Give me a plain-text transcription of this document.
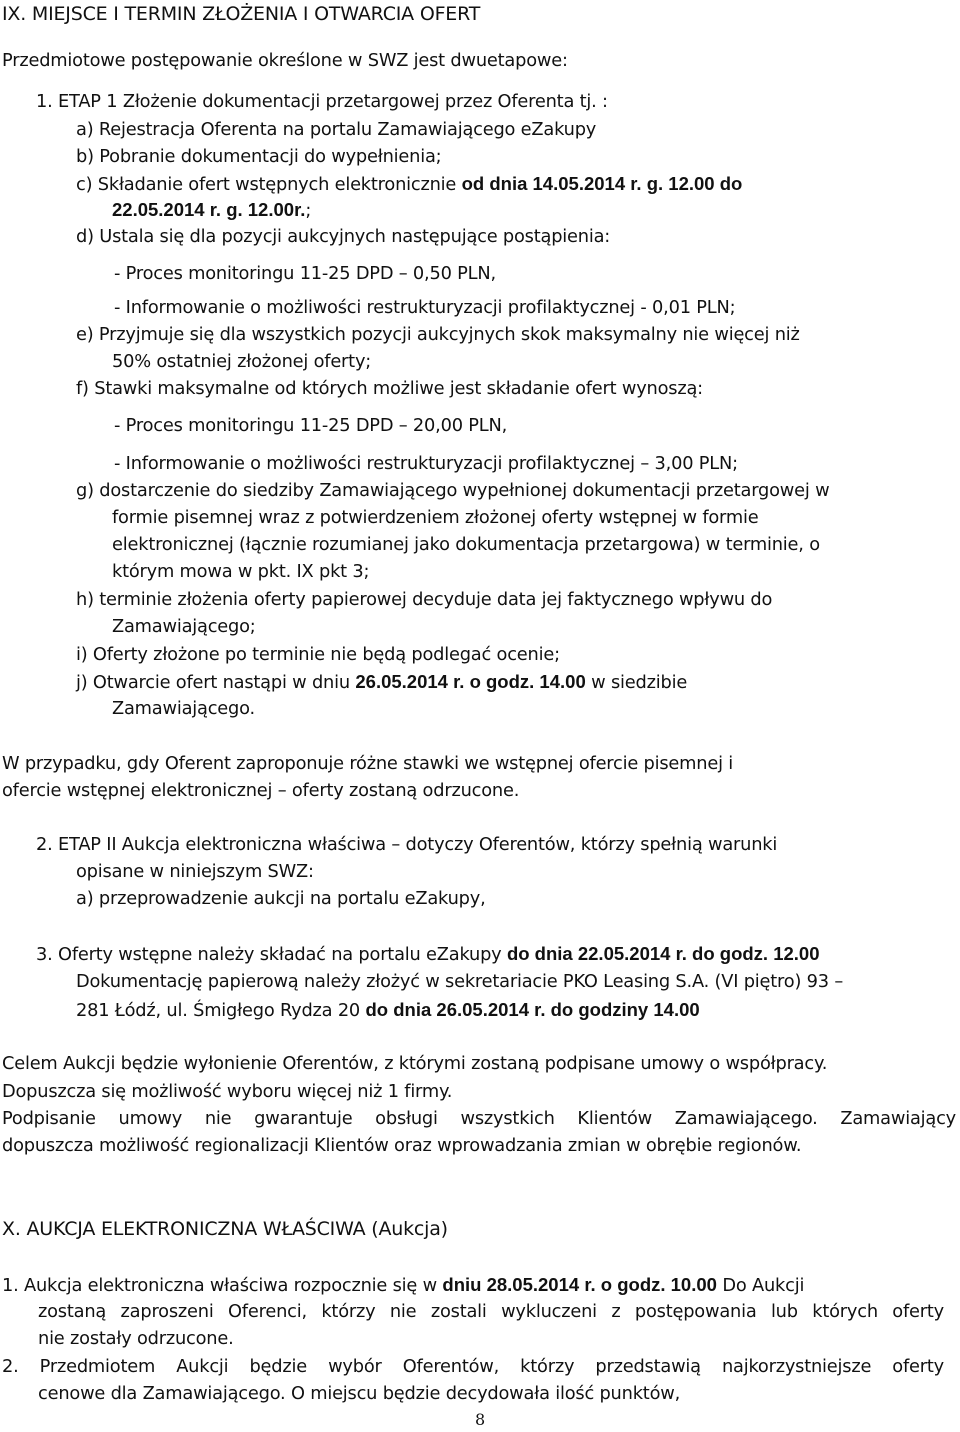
IX. MIEJSCE I TERMIN ZŁOŻENIA I OTWARCIA OFERT
Przedmiotowe postępowanie określone w SWZ jest dwuetapowe:
1. ETAP 1 Złożenie dokumentacji przetargowej przez Oferenta tj. :
a) Rejestracja Oferenta na portalu Zamawiającego eZakupy
b) Pobranie dokumentacji do wypełnienia;
c) Składanie ofert wstępnych elektronicznie od dnia 14.05.2014 r. g. 12.00 do
22.05.2014 r. g. 12.00r.;
d) Ustala się dla pozycji aukcyjnych następujące postąpienia:
- Proces monitoringu 11-25 DPD – 0,50 PLN,
- Informowanie o możliwości restrukturyzacji profilaktycznej - 0,01 PLN;
e) Przyjmuje się dla wszystkich pozycji aukcyjnych skok maksymalny nie więcej niż
50% ostatniej złożonej oferty;
f) Stawki maksymalne od których możliwe jest składanie ofert wynoszą:
- Proces monitoringu 11-25 DPD – 20,00 PLN,
- Informowanie o możliwości restrukturyzacji profilaktycznej – 3,00 PLN;
g) dostarczenie do siedziby Zamawiającego wypełnionej dokumentacji przetargowej w
formie pisemnej wraz z potwierdzeniem złożonej oferty wstępnej w formie
elektronicznej (łącznie rozumianej jako dokumentacja przetargowa) w terminie, o
którym mowa w pkt. IX pkt 3;
h) terminie złożenia oferty papierowej decyduje data jej faktycznego wpływu do
Zamawiającego;
i) Oferty złożone po terminie nie będą podlegać ocenie;
j) Otwarcie ofert nastąpi w dniu 26.05.2014 r. o godz. 14.00 w siedzibie
Zamawiającego.
W przypadku, gdy Oferent zaproponuje różne stawki we wstępnej ofercie pisemnej i
ofercie wstępnej elektronicznej – oferty zostaną odrzucone.
2. ETAP II Aukcja elektroniczna właściwa – dotyczy Oferentów, którzy spełnią warunki
opisane w niniejszym SWZ:
a) przeprowadzenie aukcji na portalu eZakupy,
3. Oferty wstępne należy składać na portalu eZakupy do dnia 22.05.2014 r. do godz. 12.00
Dokumentację papierową należy złożyć w sekretariacie PKO Leasing S.A. (VI piętro) 93 –
281 Łódź, ul. Śmigłego Rydza 20 do dnia 26.05.2014 r. do godziny 14.00
Celem Aukcji będzie wyłonienie Oferentów, z którymi zostaną podpisane umowy o współpracy.
Dopuszcza się możliwość wyboru więcej niż 1 firmy.
Podpisanie umowy nie gwarantuje obsługi wszystkich Klientów Zamawiającego. Zamawiający
dopuszcza możliwość regionalizacji Klientów oraz wprowadzania zmian w obrębie regionów.
X. AUKCJA ELEKTRONICZNA WŁAŚCIWA (Aukcja)
1. Aukcja elektroniczna właściwa rozpocznie się w dniu 28.05.2014 r. o godz. 10.00 Do Aukcji
zostaną zaproszeni Oferenci, którzy nie zostali wykluczeni z postępowania lub których oferty
nie zostały odrzucone.
2. Przedmiotem Aukcji będzie wybór Oferentów, którzy przedstawią najkorzystniejsze oferty
cenowe dla Zamawiającego. O miejscu będzie decydowała ilość punktów,
8
